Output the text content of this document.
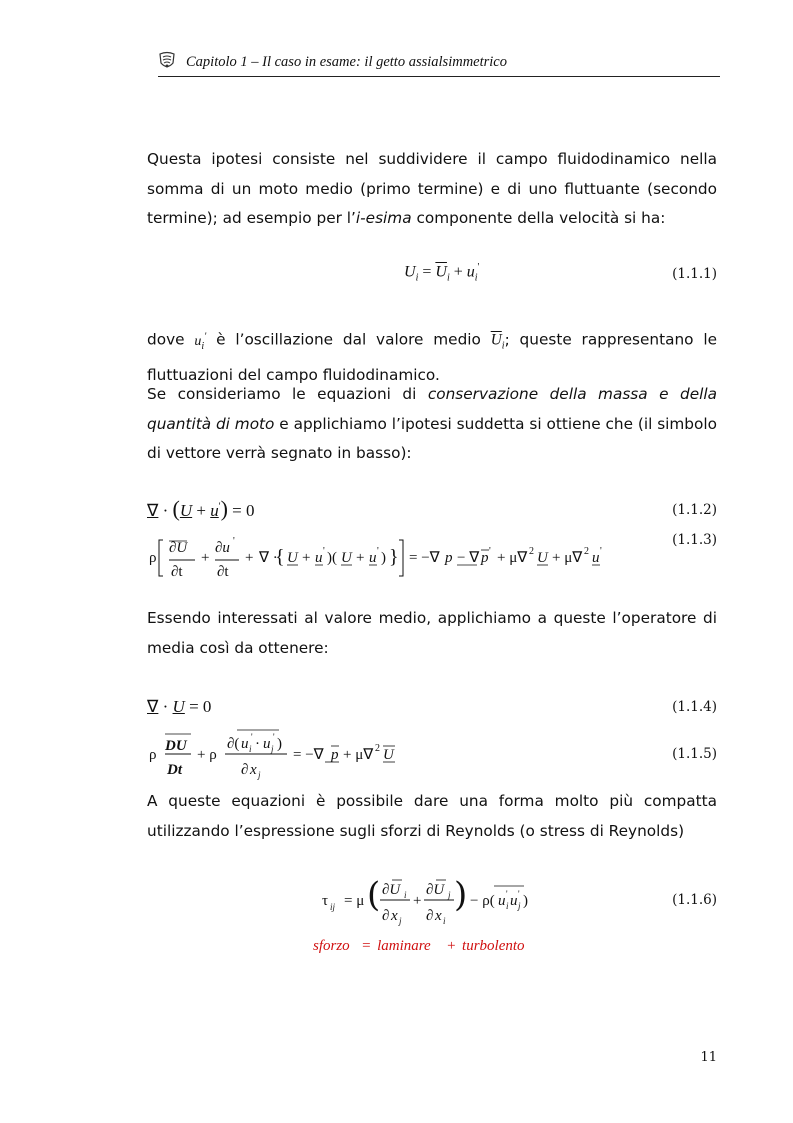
Capitolo 1 – Il caso in esame: il getto assialsimmetrico
Questa ipotesi consiste nel suddividere il campo fluidodinamico nella somma di un moto medio (primo termine) e di uno fluttuante (secondo termine); ad esempio per l’i-esima componente della velocità si ha:
$U_i = \overline{U}_i + u_i'$	(1.1.1)
dove $u_i'$ è l’oscillazione dal valore medio $\overline{U}_i$; queste rappresentano le fluttuazioni del campo fluidodinamico.
Se consideriamo le equazioni di conservazione della massa e della quantità di moto e applichiamo l’ipotesi suddetta si ottiene che (il simbolo di vettore verrà segnato in basso):
∇ · (U + u') = 0	(1.1.2)
ρ
∂U
∂t
+
∂u '
∂t
+ ∇ ·
{ U + u ' )( U + u ' ) } = −∇ p − ∇ p ' + μ∇ 2 U + μ∇ 2 u '
(1.1.3)
Essendo interessati al valore medio, applichiamo a queste l’operatore di media così da ottenere:
∇ · U = 0	(1.1.4)
ρ
DU
Dt
+ ρ
∂( u i
' · u j
' )
∂ x j
= −∇ p + μ∇ 2 U	(1.1.5)
A queste equazioni è possibile dare una forma molto più compatta utilizzando l’espressione sugli sforzi di Reynolds (o stress di Reynolds)
τ ij = μ ( ∂U i
∂ x j
+
∂U j
∂ x i
) − ρ( u i
' u j
' )	(1.1.6)
sforzo = laminare + turbolento
11
